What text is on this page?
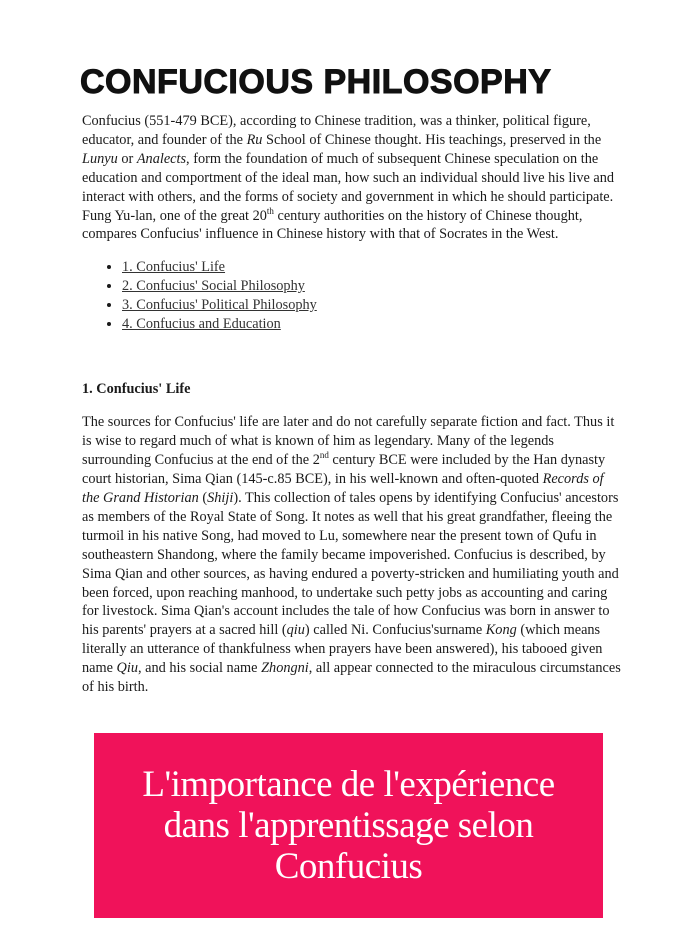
CONFUCIOUS PHILOSOPHY

Confucius (551-479 BCE), according to Chinese tradition, was a thinker, political figure, educator, and founder of the Ru School of Chinese thought. His teachings, preserved in the Lunyu or Analects, form the foundation of much of subsequent Chinese speculation on the education and comportment of the ideal man, how such an individual should live his live and interact with others, and the forms of society and government in which he should participate. Fung Yu-lan, one of the great 20th century authorities on the history of Chinese thought, compares Confucius' influence in Chinese history with that of Socrates in the West.

• 1. Confucius' Life
• 2. Confucius' Social Philosophy
• 3. Confucius' Political Philosophy
• 4. Confucius and Education
1. Confucius' Life

The sources for Confucius' life are later and do not carefully separate fiction and fact. Thus it is wise to regard much of what is known of him as legendary. Many of the legends surrounding Confucius at the end of the 2nd century BCE were included by the Han dynasty court historian, Sima Qian (145-c.85 BCE), in his well-known and often-quoted Records of the Grand Historian (Shiji). This collection of tales opens by identifying Confucius' ancestors as members of the Royal State of Song. It notes as well that his great grandfather, fleeing the turmoil in his native Song, had moved to Lu, somewhere near the present town of Qufu in southeastern Shandong, where the family became impoverished. Confucius is described, by Sima Qian and other sources, as having endured a poverty-stricken and humiliating youth and been forced, upon reaching manhood, to undertake such petty jobs as accounting and caring for livestock. Sima Qian's account includes the tale of how Confucius was born in answer to his parents' prayers at a sacred hill (qiu) called Ni. Confucius'surname Kong (which means literally an utterance of thankfulness when prayers have been answered), his tabooed given name Qiu, and his social name Zhongni, all appear connected to the miraculous circumstances of his birth.

L'importance de l'expérience dans l'apprentissage selon Confucius
